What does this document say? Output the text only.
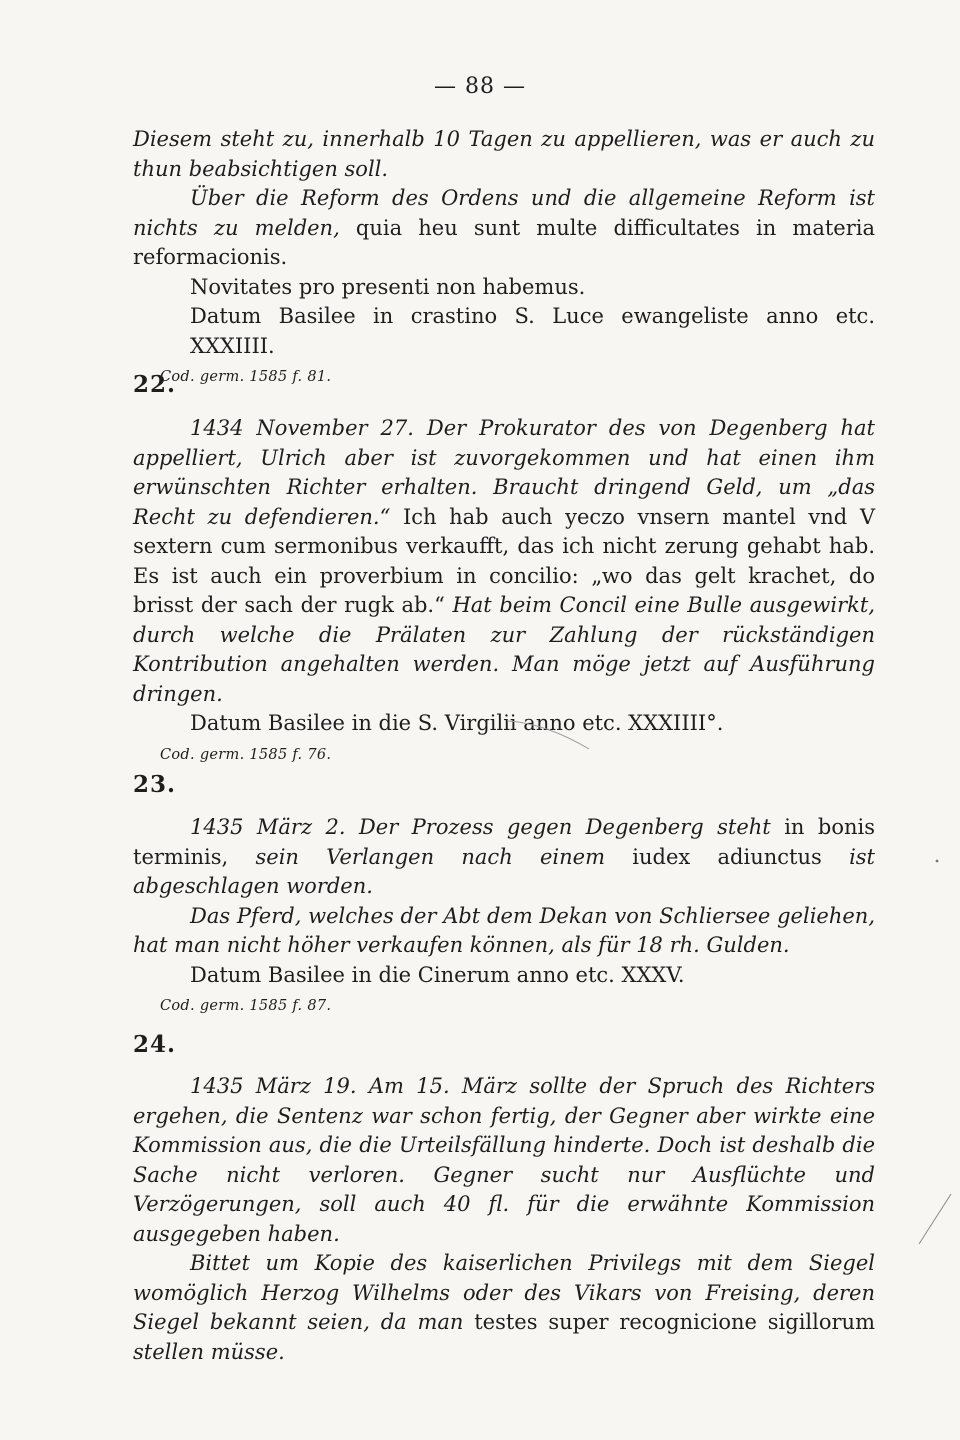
— 88 —

Diesem steht zu, innerhalb 10 Tagen zu appellieren, was er auch zu thun beabsichtigen soll.

Über die Reform des Ordens und die allgemeine Reform ist nichts zu melden, quia heu sunt multe difficultates in materia reformacionis.

Novitates pro presenti non habemus.

Datum Basilee in crastino S. Luce ewangeliste anno etc. XXXIIII.

Cod. germ. 1585 f. 81.

22.

1434 November 27. Der Prokurator des von Degenberg hat appelliert, Ulrich aber ist zuvorgekommen und hat einen ihm erwünschten Richter erhalten. Braucht dringend Geld, um „das Recht zu defendieren.“ Ich hab auch yeczo vnsern mantel vnd V sextern cum sermonibus verkaufft, das ich nicht zerung gehabt hab. Es ist auch ein proverbium in concilio: „wo das gelt krachet, do brisst der sach der rugk ab.“ Hat beim Concil eine Bulle ausgewirkt, durch welche die Prälaten zur Zahlung der rückständigen Kontribution angehalten werden. Man möge jetzt auf Ausführung dringen.

Datum Basilee in die S. Virgilii anno etc. XXXIIII°.

Cod. germ. 1585 f. 76.

23.

1435 März 2. Der Prozess gegen Degenberg steht in bonis terminis, sein Verlangen nach einem iudex adiunctus ist abgeschlagen worden.

Das Pferd, welches der Abt dem Dekan von Schliersee geliehen, hat man nicht höher verkaufen können, als für 18 rh. Gulden.

Datum Basilee in die Cinerum anno etc. XXXV.

Cod. germ. 1585 f. 87.

24.

1435 März 19. Am 15. März sollte der Spruch des Richters ergehen, die Sentenz war schon fertig, der Gegner aber wirkte eine Kommission aus, die die Urteilsfällung hinderte. Doch ist deshalb die Sache nicht verloren. Gegner sucht nur Ausflüchte und Verzögerungen, soll auch 40 fl. für die erwähnte Kommission ausgegeben haben.

Bittet um Kopie des kaiserlichen Privilegs mit dem Siegel womöglich Herzog Wilhelms oder des Vikars von Freising, deren Siegel bekannt seien, da man testes super recognicione sigillorum stellen müsse.
